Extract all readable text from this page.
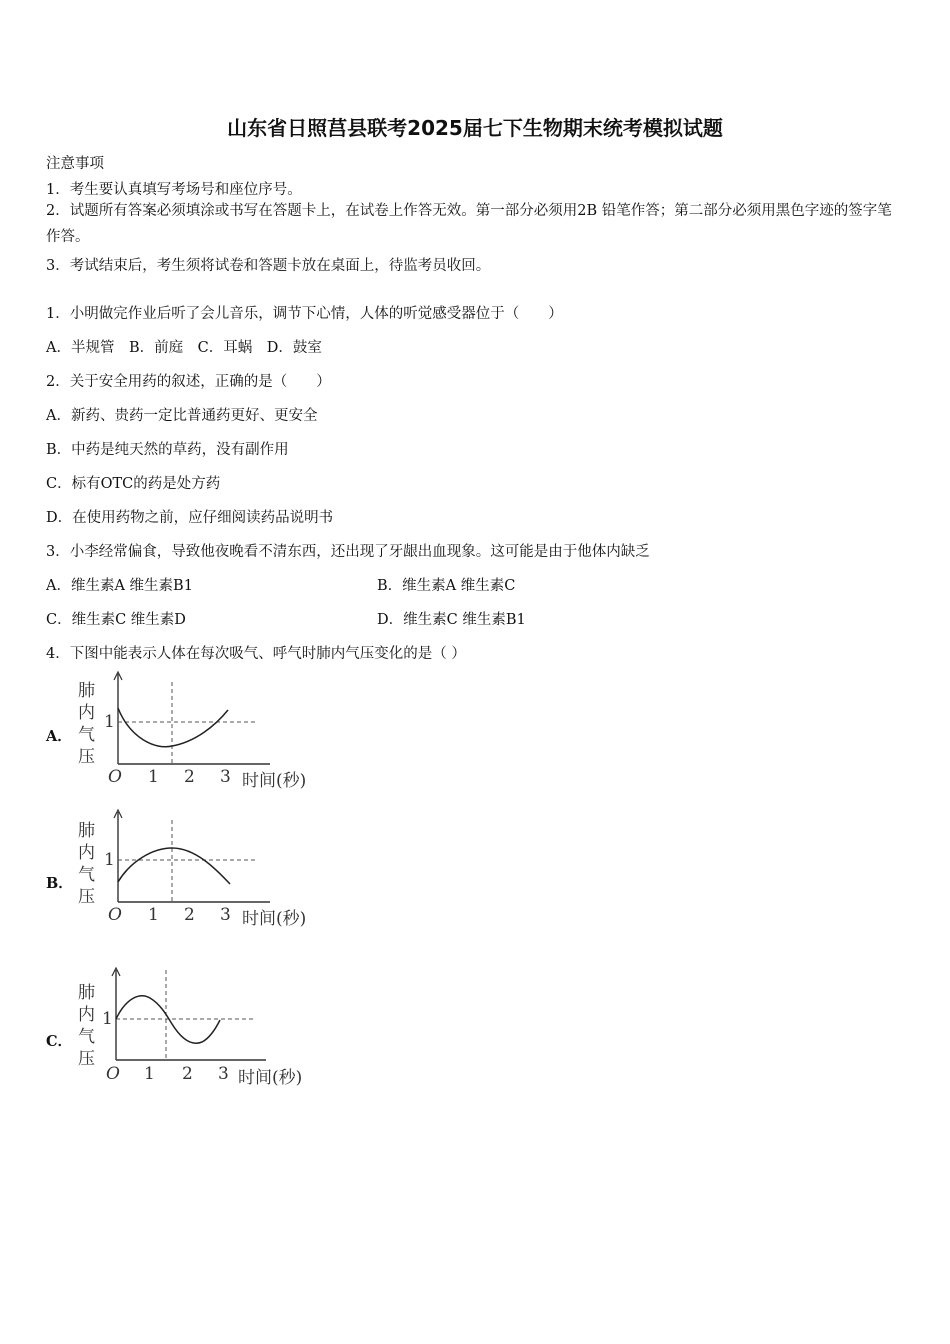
山东省日照莒县联考2025届七下生物期末统考模拟试题
注意事项
1．考生要认真填写考场号和座位序号。
2．试题所有答案必须填涂或书写在答题卡上，在试卷上作答无效。第一部分必须用2B 铅笔作答；第二部分必须用黑色字迹的签字笔作答。
3．考试结束后，考生须将试卷和答题卡放在桌面上，待监考员收回。
1．小明做完作业后听了会儿音乐，调节下心情，人体的听觉感受器位于（　　）
A．半规管　B．前庭　C．耳蜗　D．鼓室
2．关于安全用药的叙述，正确的是（　　）
A．新药、贵药一定比普通药更好、更安全
B．中药是纯天然的草药，没有副作用
C．标有OTC的药是处方药
D．在使用药物之前，应仔细阅读药品说明书
3．小李经常偏食，导致他夜晚看不清东西，还出现了牙龈出血现象。这可能是由于他体内缺乏
A．维生素A 维生素B1	B．维生素A 维生素C
C．维生素C 维生素D	D．维生素C 维生素B1
4．下图中能表示人体在每次吸气、呼气时肺内气压变化的是（ ）
A．
肺
内
气
压
1
O 1 2 3 时间(秒)
B．
肺
内
气
压
1
O 1 2 3 时间(秒)
C．
肺
内
气
压
1
O 1 2 3 时间(秒)
